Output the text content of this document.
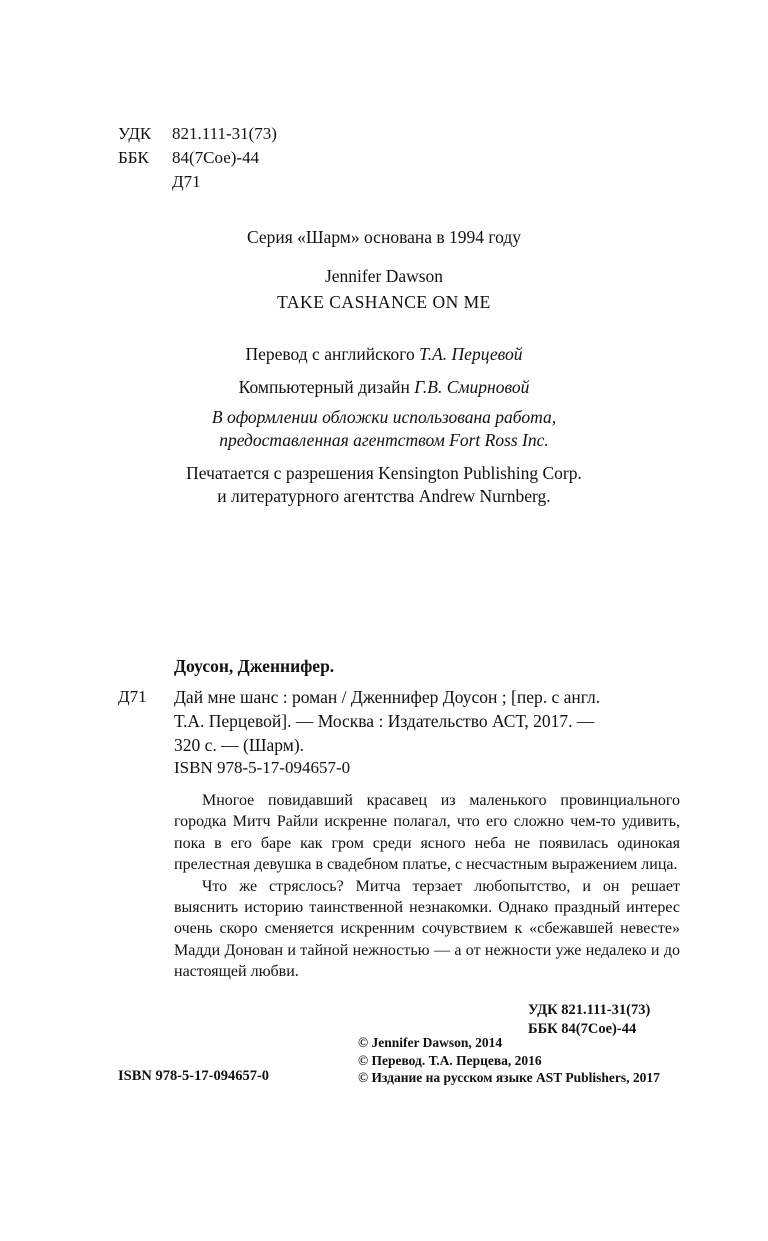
УДК 821.111-31(73)
ББК 84(7Сое)-44
Д71
Серия «Шарм» основана в 1994 году
Jennifer Dawson
TAKE CASHANCE ON ME
Перевод с английского Т.А. Перцевой
Компьютерный дизайн Г.В. Смирновой
В оформлении обложки использована работа,
предоставленная агентством Fort Ross Inc.
Печатается с разрешения Kensington Publishing Corp.
и литературного агентства Andrew Nurnberg.
Доусон, Дженнифер.
Д71 Дай мне шанс : роман / Дженнифер Доусон ; [пер. с англ.
Т.А. Перцевой]. — Москва : Издательство АСТ, 2017. —
320 с. — (Шарм).
ISBN 978-5-17-094657-0

Многое повидавший красавец из маленького провинциального городка Митч Райли искренне полагал, что его сложно чем-то удивить, пока в его баре как гром среди ясного неба не появилась одинокая прелестная девушка в свадебном платье, с несчастным выражением лица.

Что же стряслось? Митча терзает любопытство, и он решает выяснить историю таинственной незнакомки. Однако праздный интерес очень скоро сменяется искренним сочувствием к «сбежавшей невесте» Мадди Донован и тайной нежностью — а от нежности уже недалеко и до настоящей любви.

УДК 821.111-31(73)
ББК 84(7Сое)-44
© Jennifer Dawson, 2014
© Перевод. Т.А. Перцева, 2016
© Издание на русском языке AST Publishers, 2017
ISBN 978-5-17-094657-0
